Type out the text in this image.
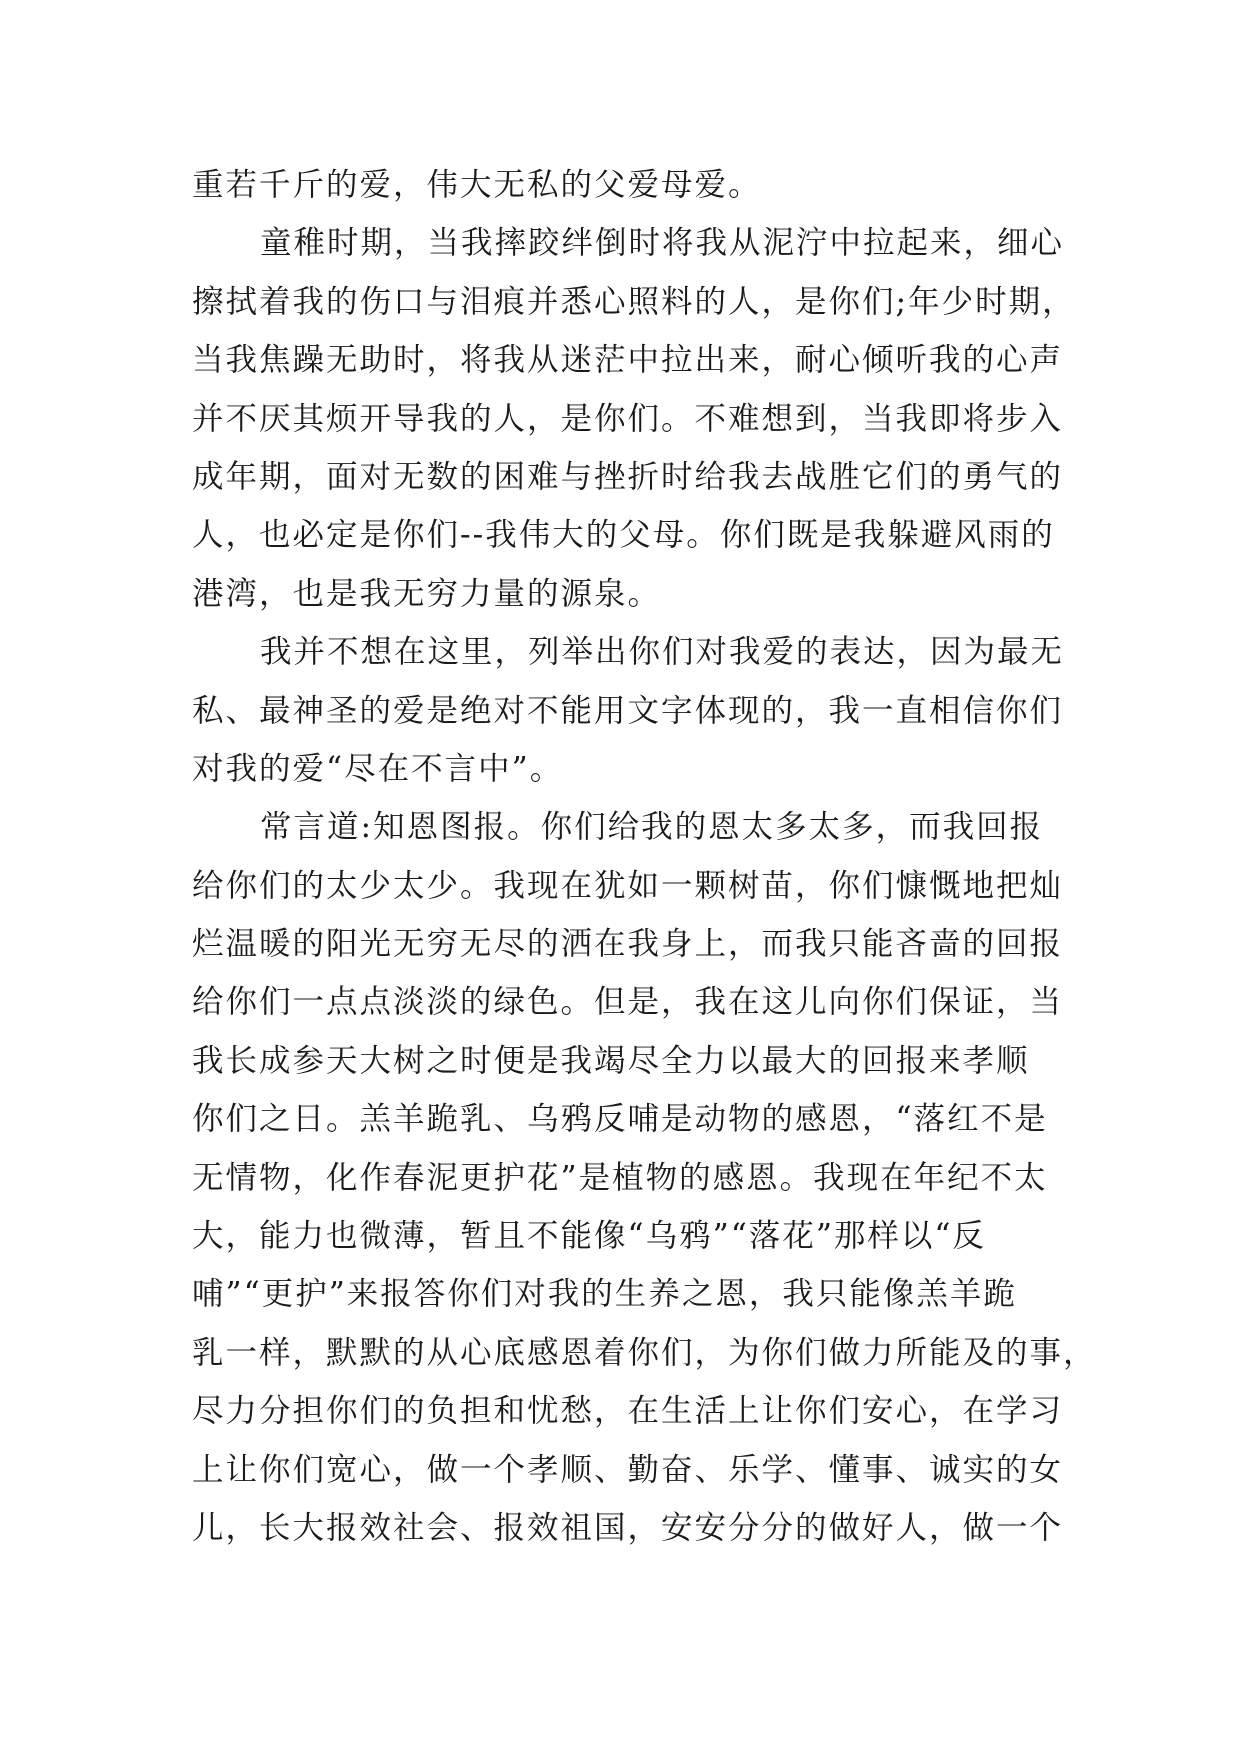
重若千斤的爱，伟大无私的父爱母爱。
童稚时期，当我摔跤绊倒时将我从泥泞中拉起来，细心
擦拭着我的伤口与泪痕并悉心照料的人，是你们;年少时期，
当我焦躁无助时，将我从迷茫中拉出来，耐心倾听我的心声
并不厌其烦开导我的人，是你们。不难想到，当我即将步入
成年期，面对无数的困难与挫折时给我去战胜它们的勇气的
人，也必定是你们--我伟大的父母。你们既是我躲避风雨的
港湾，也是我无穷力量的源泉。
我并不想在这里，列举出你们对我爱的表达，因为最无
私、最神圣的爱是绝对不能用文字体现的，我一直相信你们
对我的爱“尽在不言中”。
常言道:知恩图报。你们给我的恩太多太多，而我回报
给你们的太少太少。我现在犹如一颗树苗，你们慷慨地把灿
烂温暖的阳光无穷无尽的洒在我身上，而我只能吝啬的回报
给你们一点点淡淡的绿色。但是，我在这儿向你们保证，当
我长成参天大树之时便是我竭尽全力以最大的回报来孝顺
你们之日。羔羊跪乳、乌鸦反哺是动物的感恩，“落红不是
无情物，化作春泥更护花”是植物的感恩。我现在年纪不太
大，能力也微薄，暂且不能像“乌鸦”“落花”那样以“反
哺”“更护”来报答你们对我的生养之恩，我只能像羔羊跪
乳一样，默默的从心底感恩着你们，为你们做力所能及的事，
尽力分担你们的负担和忧愁，在生活上让你们安心，在学习
上让你们宽心，做一个孝顺、勤奋、乐学、懂事、诚实的女
儿，长大报效社会、报效祖国，安安分分的做好人，做一个
